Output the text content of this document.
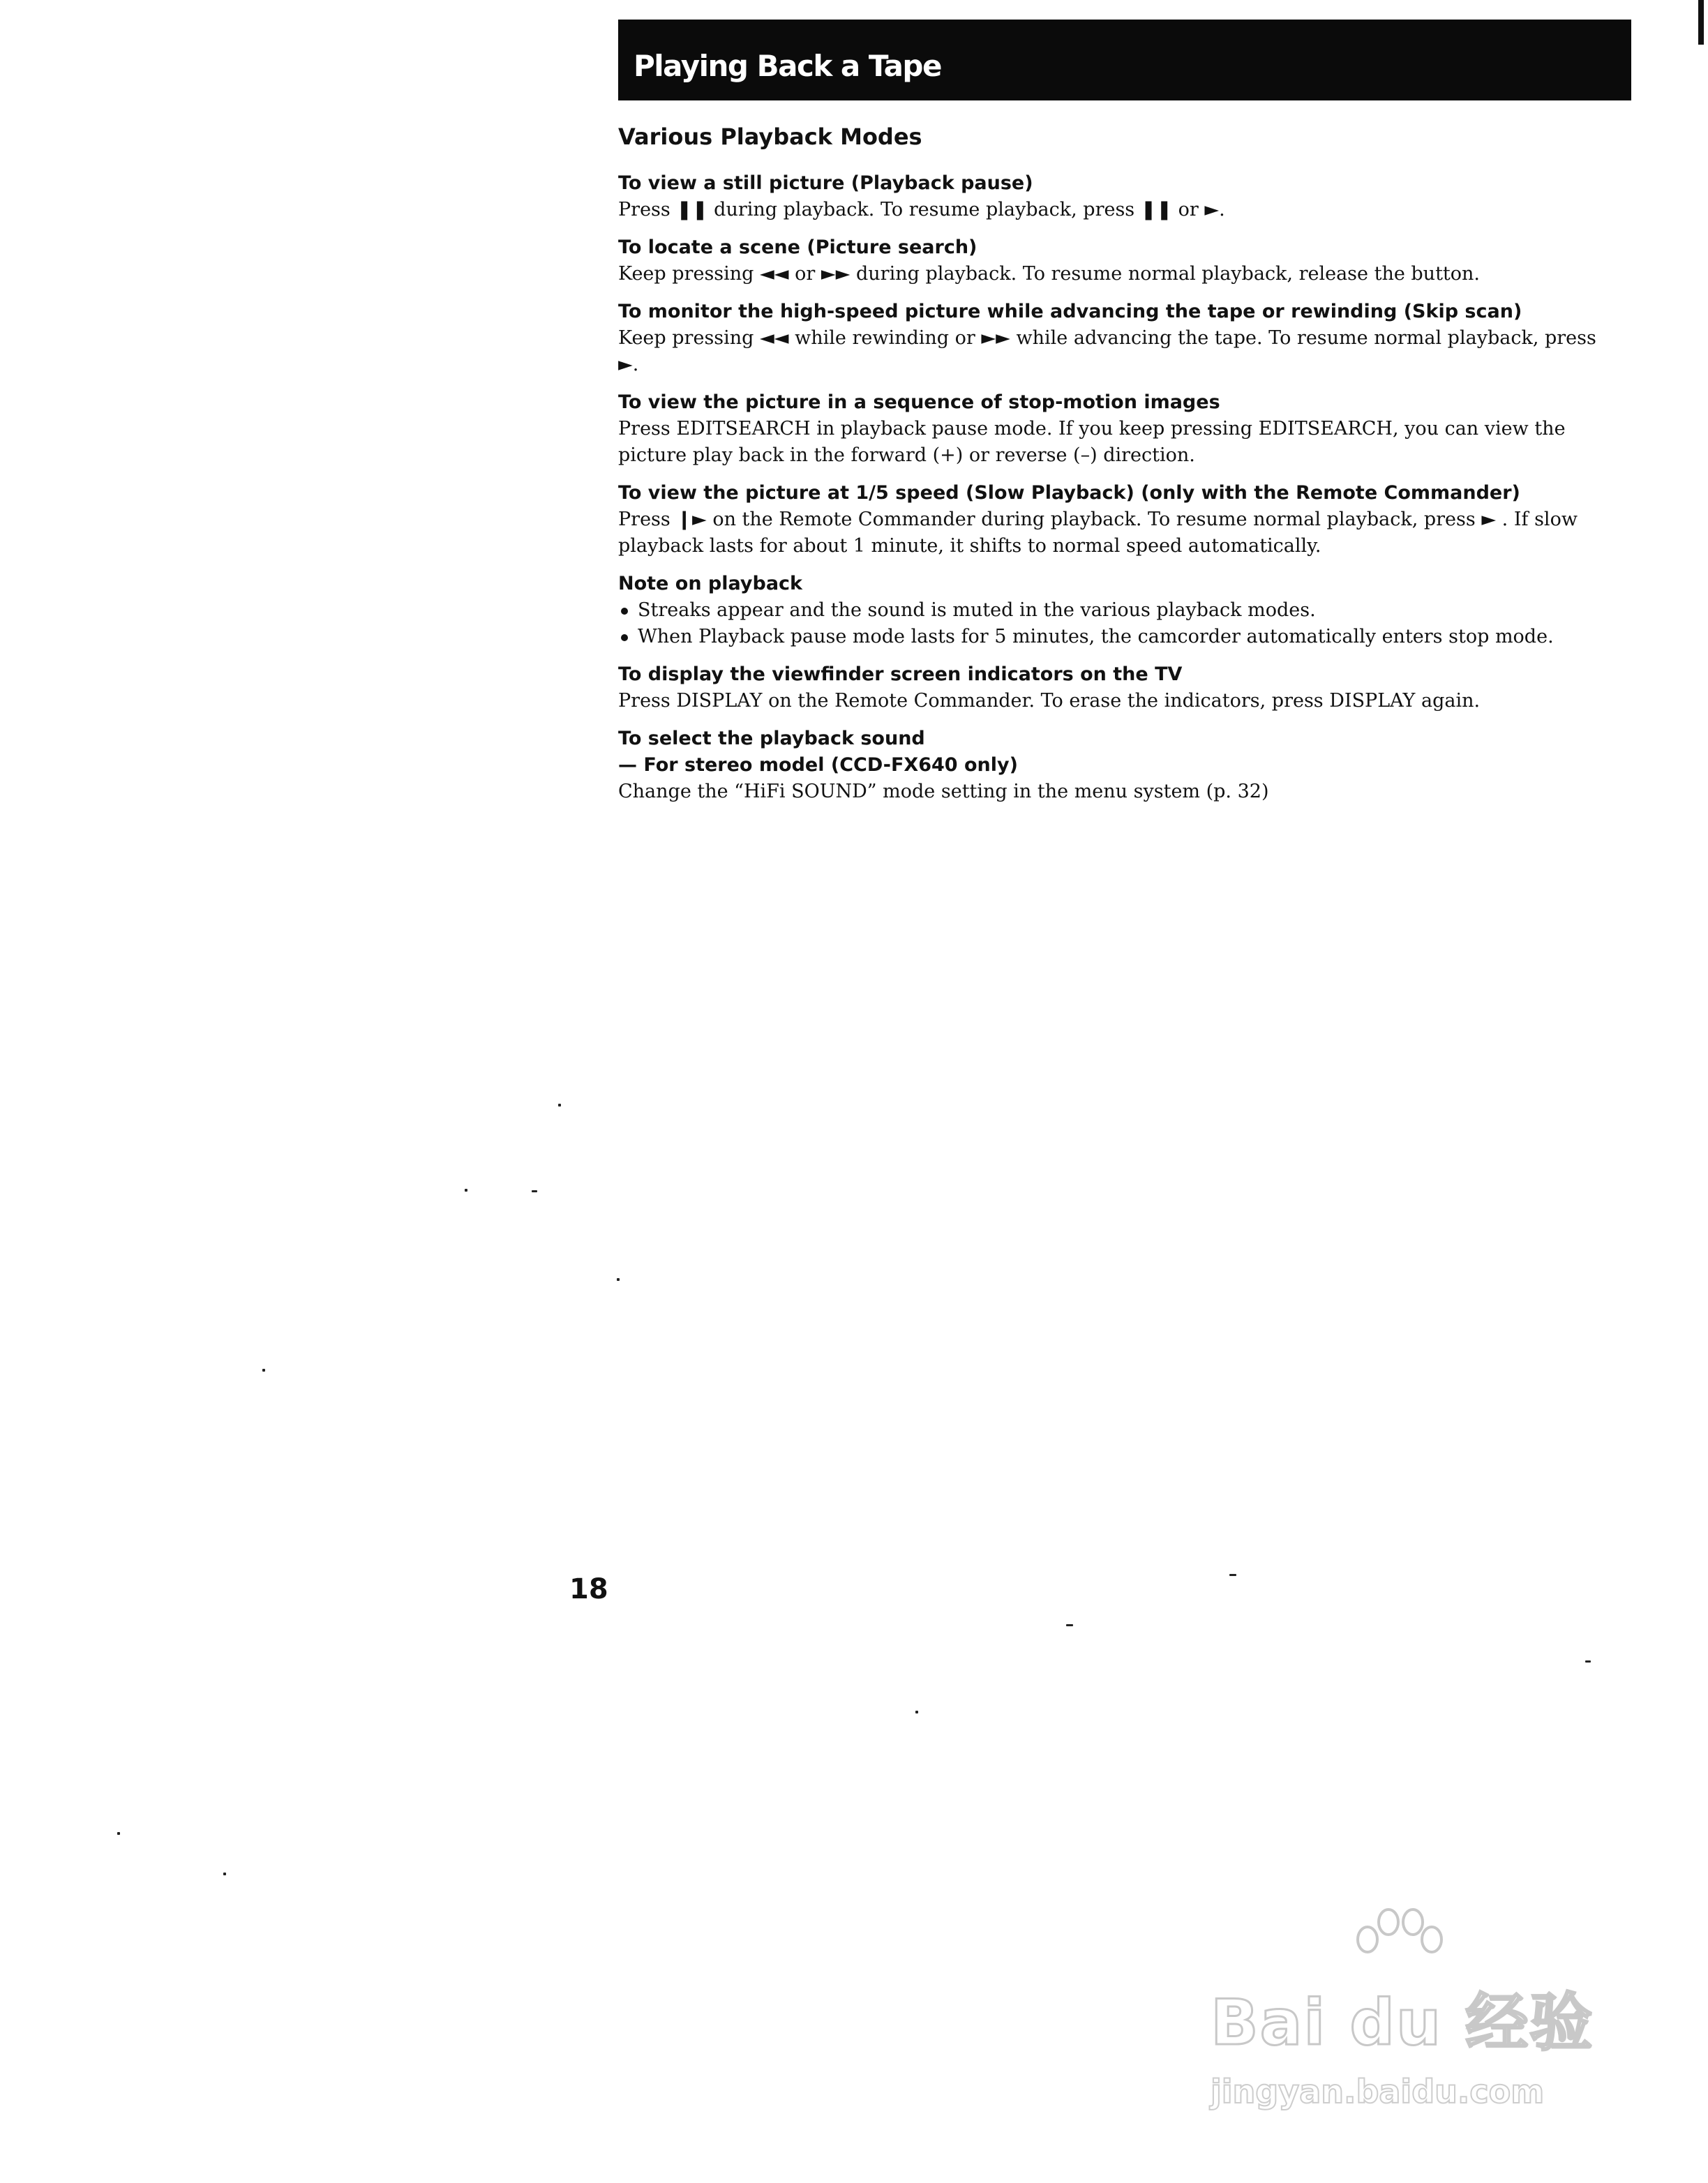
Playing Back a Tape
Various Playback Modes

To view a still picture (Playback pause)

Press ❚❚ during playback. To resume playback, press ❚❚ or ►.

To locate a scene (Picture search)

Keep pressing ◄◄ or ►► during playback. To resume normal playback, release the button.

To monitor the high-speed picture while advancing the tape or rewinding (Skip scan)

Keep pressing ◄◄ while rewinding or ►► while advancing the tape. To resume normal playback, press ►.

To view the picture in a sequence of stop-motion images

Press EDITSEARCH in playback pause mode. If you keep pressing EDITSEARCH, you can view the picture play back in the forward (+) or reverse (–) direction.

To view the picture at 1/5 speed (Slow Playback) (only with the Remote Commander)

Press ❙► on the Remote Commander during playback. To resume normal playback, press ► . If slow playback lasts for about 1 minute, it shifts to normal speed automatically.

Note on playback

Streaks appear and the sound is muted in the various playback modes.
When Playback pause mode lasts for 5 minutes, the camcorder automatically enters stop mode.

To display the viewfinder screen indicators on the TV

Press DISPLAY on the Remote Commander. To erase the indicators, press DISPLAY again.

To select the playback sound

— For stereo model (CCD-FX640 only)

Change the “HiFi SOUND” mode setting in the menu system (p. 32)

18
Bai du 经验
jingyan.baidu.com
